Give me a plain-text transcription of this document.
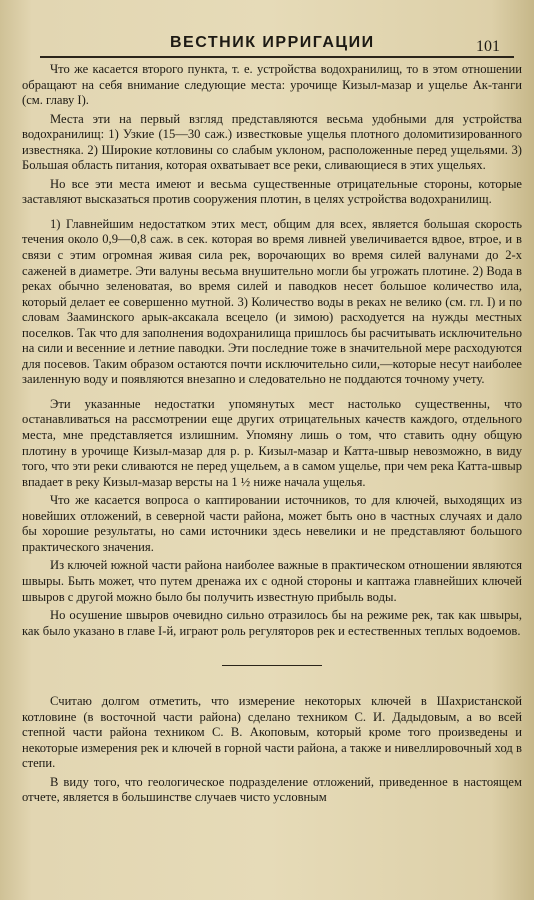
ВЕСТНИК ИРРИГАЦИИ	101

Что же касается второго пункта, т. е. устройства водохранилищ, то в этом отношении обращают на себя внимание следующие места: урочище Кизыл-мазар и ущелье Ак-танги (см. главу I).

Места эти на первый взгляд представляются весьма удобными для устройства водохранилищ: 1) Узкие (15—30 саж.) известковые ущелья плотного доломитизированного известняка. 2) Широкие котловины со слабым уклоном, расположенные перед ущельями. 3) Большая область питания, которая охватывает все реки, сливающиеся в этих ущельях.

Но все эти места имеют и весьма существенные отрицательные стороны, которые заставляют высказаться против сооружения плотин, в целях устройства водохранилищ.

1) Главнейшим недостатком этих мест, общим для всех, является большая скорость течения около 0,9—0,8 саж. в сек. которая во время ливней увеличивается вдвое, втрое, и в связи с этим огромная живая сила рек, ворочающих во время силей валунами до 2-х саженей в диаметре. Эти валуны весьма внушительно могли бы угрожать плотине. 2) Вода в реках обычно зеленоватая, во время силей и паводков несет большое количество ила, который делает ее совершенно мутной. 3) Количество воды в реках не велико (см. гл. I) и по словам Зааминского арык-аксакала всецело (и зимою) расходуется на нужды местных поселков. Так что для заполнения водохранилища пришлось бы расчитывать исключительно на сили и весенние и летние паводки. Эти последние тоже в значительной мере расходуются для посевов. Таким образом остаются почти исключительно сили,—которые несут наиболее заиленную воду и появляются внезапно и следовательно не поддаются точному учету.

Эти указанные недостатки упомянутых мест настолько существенны, что останавливаться на рассмотрении еще других отрицательных качеств каждого, отдельного места, мне представляется излишним. Упомяну лишь о том, что ставить одну общую плотину в урочище Кизыл-мазар для р. р. Кизыл-мазар и Катта-швыр невозможно, в виду того, что эти реки сливаются не перед ущельем, а в самом ущелье, при чем река Катта-швыр впадает в реку Кизыл-мазар версты на 1 ½ ниже начала ущелья.

Что же касается вопроса о каптировании источников, то для ключей, выходящих из новейших отложений, в северной части района, может быть оно в частных случаях и дало бы хорошие результаты, но сами источники здесь невелики и не представляют большого практического значения.

Из ключей южной части района наиболее важные в практическом отношении являются швыры. Быть может, что путем дренажа их с одной стороны и каптажа главнейших ключей швыров с другой можно было бы получить известную прибыль воды.

Но осушение швыров очевидно сильно отразилось бы на режиме рек, так как швыры, как было указано в главе I-й, играют роль регуляторов рек и естественных теплых водоемов.

Считаю долгом отметить, что измерение некоторых ключей в Шахристанской котловине (в восточной части района) сделано техником С. И. Дадыдовым, а во всей степной части района техником С. В. Акоповым, который кроме того произведены и некоторые измерения рек и ключей в горной части района, а также и нивеллировочный ход в степи.

В виду того, что геологическое подразделение отложений, приведенное в настоящем отчете, является в большинстве случаев чисто условным
